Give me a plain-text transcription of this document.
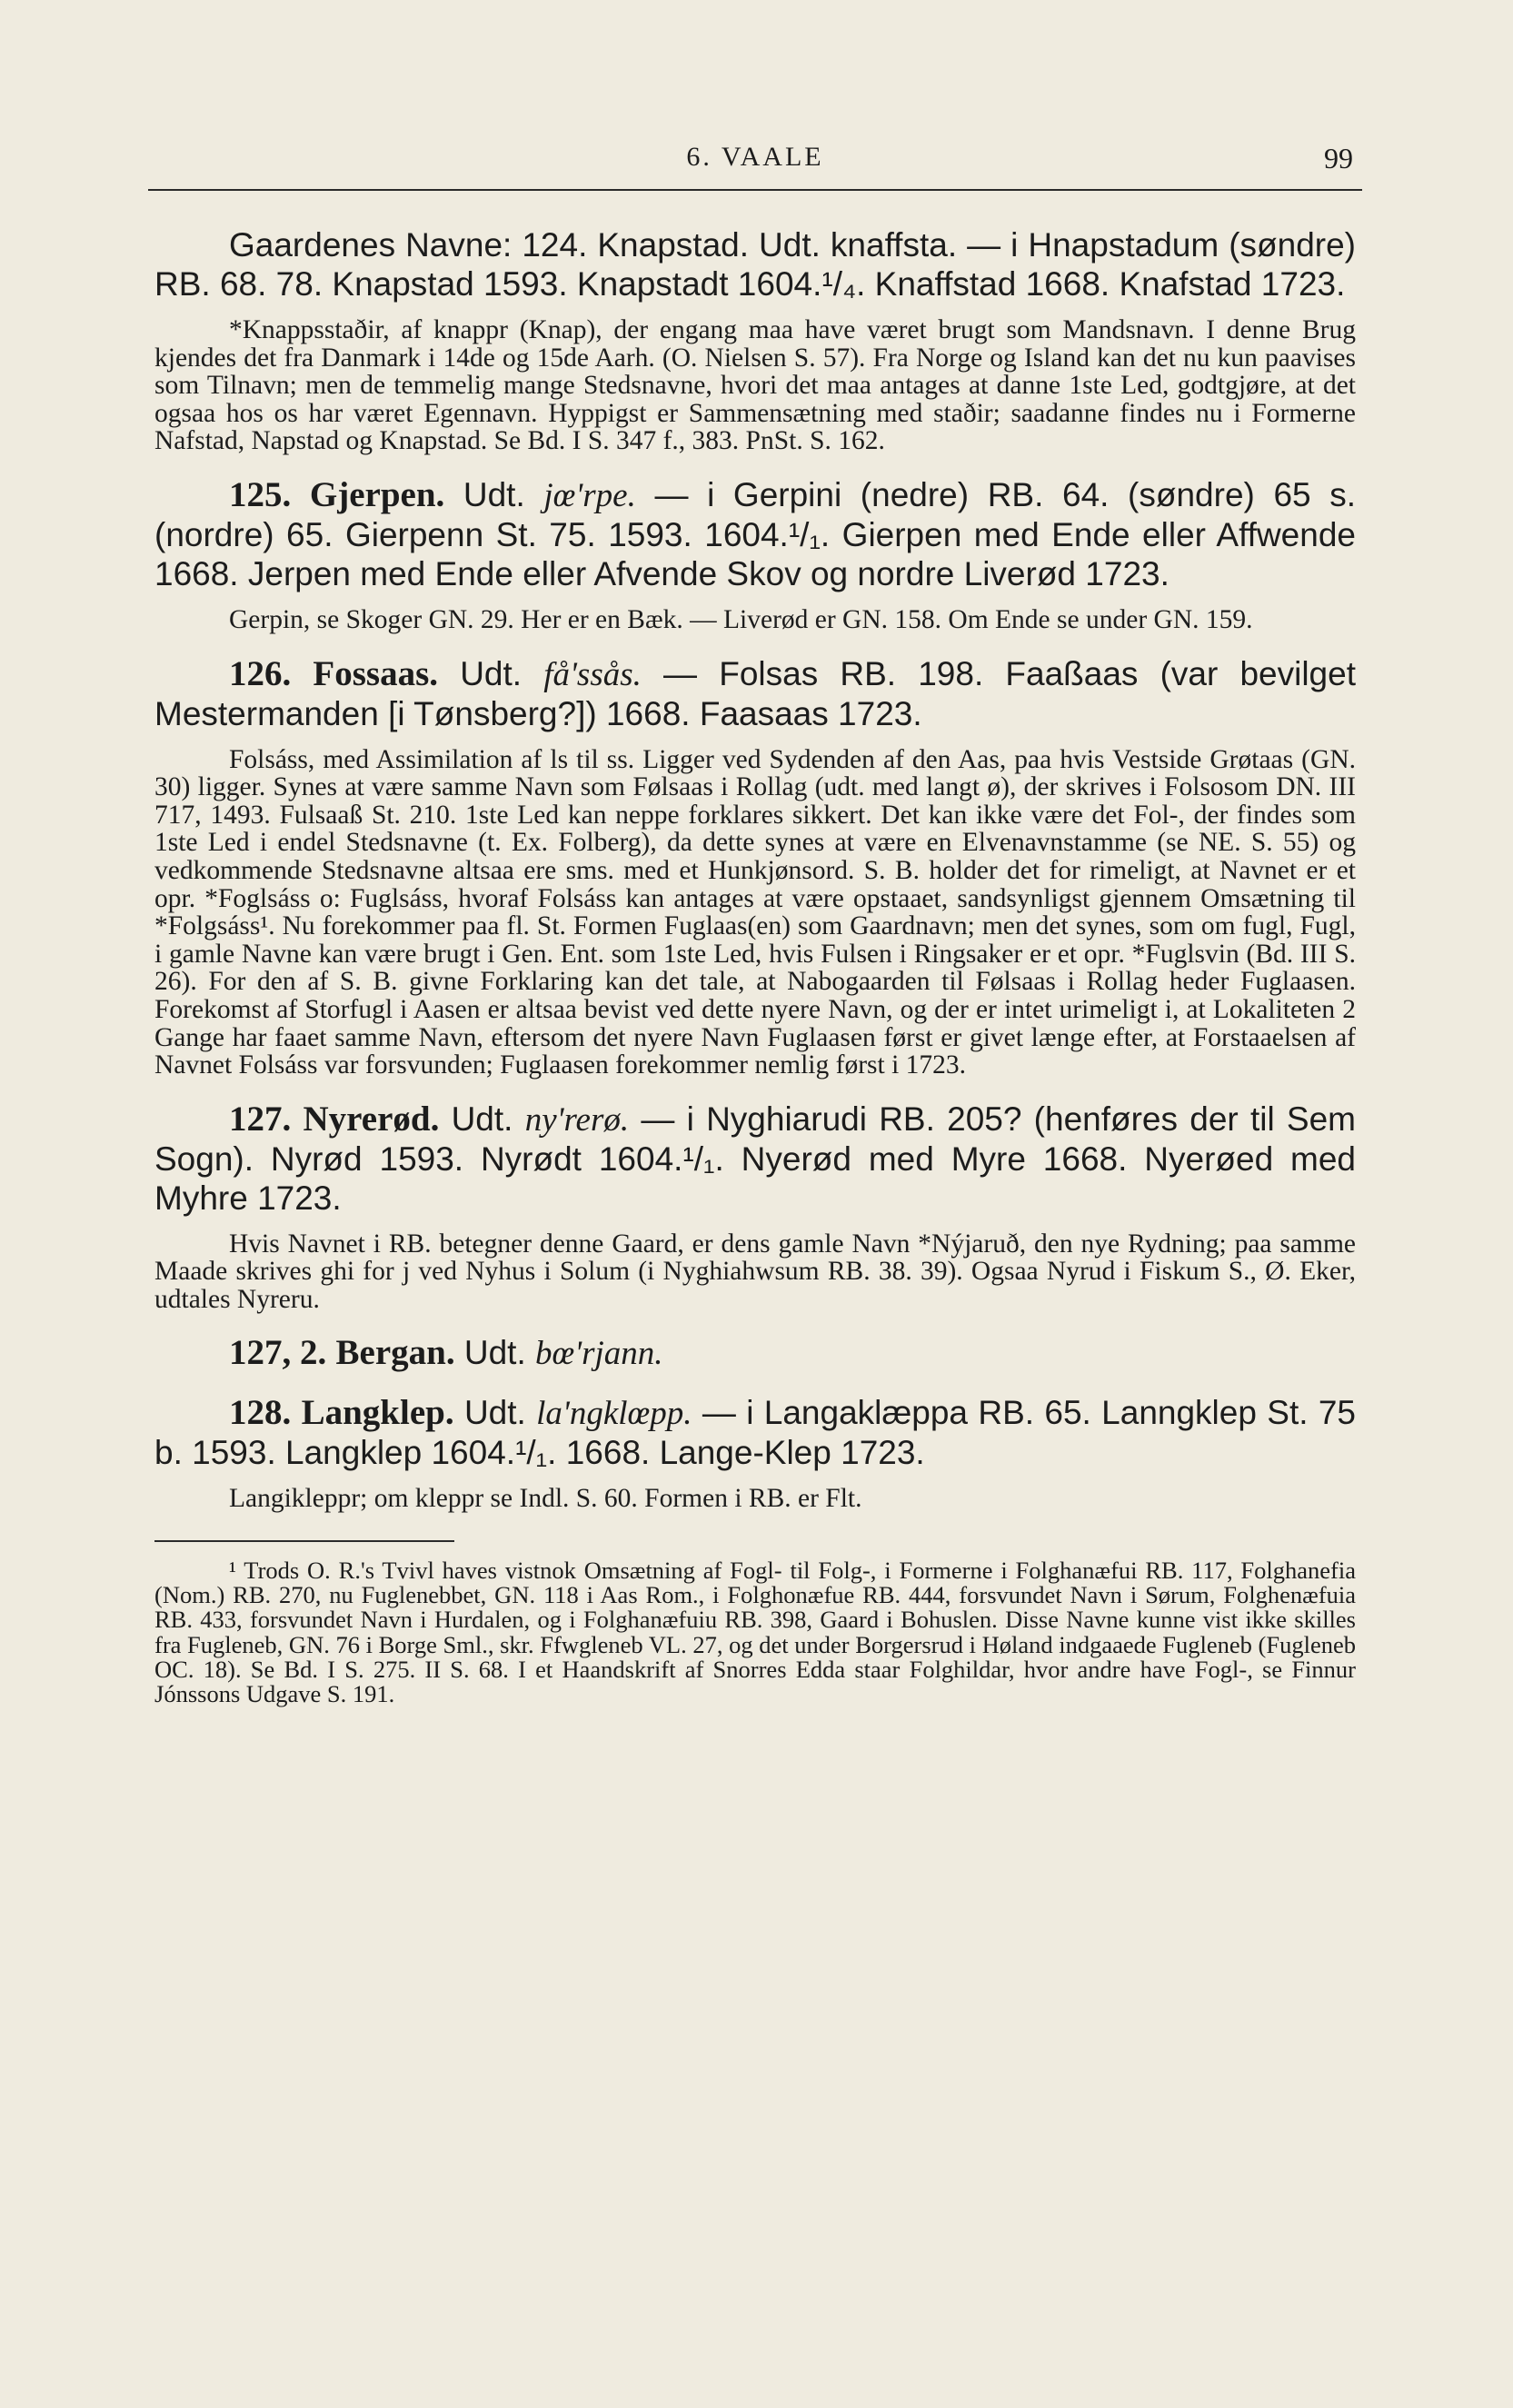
6. VAALE	99

Gaardenes Navne: 124. Knapstad. Udt. knaffsta. — i Hnapstadum (søndre) RB. 68. 78. Knapstad 1593. Knapstadt 1604.¹/₄. Knaffstad 1668. Knafstad 1723.

*Knappsstaðir, af knappr (Knap), der engang maa have været brugt som Mandsnavn. I denne Brug kjendes det fra Danmark i 14de og 15de Aarh. (O. Nielsen S. 57). Fra Norge og Island kan det nu kun paavises som Tilnavn; men de temmelig mange Stedsnavne, hvori det maa antages at danne 1ste Led, godtgjøre, at det ogsaa hos os har været Egennavn. Hyppigst er Sammensætning med staðir; saadanne findes nu i Formerne Nafstad, Napstad og Knapstad. Se Bd. I S. 347 f., 383. PnSt. S. 162.

125. Gjerpen. Udt. jœ'rpe. — i Gerpini (nedre) RB. 64. (søndre) 65 s. (nordre) 65. Gierpenn St. 75. 1593. 1604.¹/₁. Gierpen med Ende eller Affwende 1668. Jerpen med Ende eller Afvende Skov og nordre Liverød 1723.

Gerpin, se Skoger GN. 29. Her er en Bæk. — Liverød er GN. 158. Om Ende se under GN. 159.

126. Fossaas. Udt. få'ssås. — Folsas RB. 198. Faaßaas (var bevilget Mestermanden [i Tønsberg?]) 1668. Faasaas 1723.

Folsáss, med Assimilation af ls til ss. Ligger ved Sydenden af den Aas, paa hvis Vestside Grøtaas (GN. 30) ligger. Synes at være samme Navn som Følsaas i Rollag (udt. med langt ø), der skrives i Folsosom DN. III 717, 1493. Fulsaaß St. 210. 1ste Led kan neppe forklares sikkert. Det kan ikke være det Fol-, der findes som 1ste Led i endel Stedsnavne (t. Ex. Folberg), da dette synes at være en Elvenavnstamme (se NE. S. 55) og vedkommende Stedsnavne altsaa ere sms. med et Hunkjønsord. S. B. holder det for rimeligt, at Navnet er et opr. *Foglsáss o: Fuglsáss, hvoraf Folsáss kan antages at være opstaaet, sandsynligst gjennem Omsætning til *Folgsáss¹. Nu forekommer paa fl. St. Formen Fuglaas(en) som Gaardnavn; men det synes, som om fugl, Fugl, i gamle Navne kan være brugt i Gen. Ent. som 1ste Led, hvis Fulsen i Ringsaker er et opr. *Fuglsvin (Bd. III S. 26). For den af S. B. givne Forklaring kan det tale, at Nabogaarden til Følsaas i Rollag heder Fuglaasen. Forekomst af Storfugl i Aasen er altsaa bevist ved dette nyere Navn, og der er intet urimeligt i, at Lokaliteten 2 Gange har faaet samme Navn, eftersom det nyere Navn Fuglaasen først er givet længe efter, at Forstaaelsen af Navnet Folsáss var forsvunden; Fuglaasen forekommer nemlig først i 1723.

127. Nyrerød. Udt. ny'rerø. — i Nyghiarudi RB. 205? (henføres der til Sem Sogn). Nyrød 1593. Nyrødt 1604.¹/₁. Nyerød med Myre 1668. Nyerøed med Myhre 1723.

Hvis Navnet i RB. betegner denne Gaard, er dens gamle Navn *Nýjaruð, den nye Rydning; paa samme Maade skrives ghi for j ved Nyhus i Solum (i Nyghiahwsum RB. 38. 39). Ogsaa Nyrud i Fiskum S., Ø. Eker, udtales Nyreru.

127, 2. Bergan. Udt. bœ'rjann.

128. Langklep. Udt. la'ngklœpp. — i Langaklæppa RB. 65. Lanngklep St. 75 b. 1593. Langklep 1604.¹/₁. 1668. Lange-Klep 1723.

Langikleppr; om kleppr se Indl. S. 60. Formen i RB. er Flt.

¹ Trods O. R.'s Tvivl haves vistnok Omsætning af Fogl- til Folg-, i Formerne i Folghanæfui RB. 117, Folghanefia (Nom.) RB. 270, nu Fuglenebbet, GN. 118 i Aas Rom., i Folghonæfue RB. 444, forsvundet Navn i Sørum, Folghenæfuia RB. 433, forsvundet Navn i Hurdalen, og i Folghanæfuiu RB. 398, Gaard i Bohuslen. Disse Navne kunne vist ikke skilles fra Fugleneb, GN. 76 i Borge Sml., skr. Ffwgleneb VL. 27, og det under Borgersrud i Høland indgaaede Fugleneb (Fugleneb OC. 18). Se Bd. I S. 275. II S. 68. I et Haandskrift af Snorres Edda staar Folghildar, hvor andre have Fogl-, se Finnur Jónssons Udgave S. 191.
